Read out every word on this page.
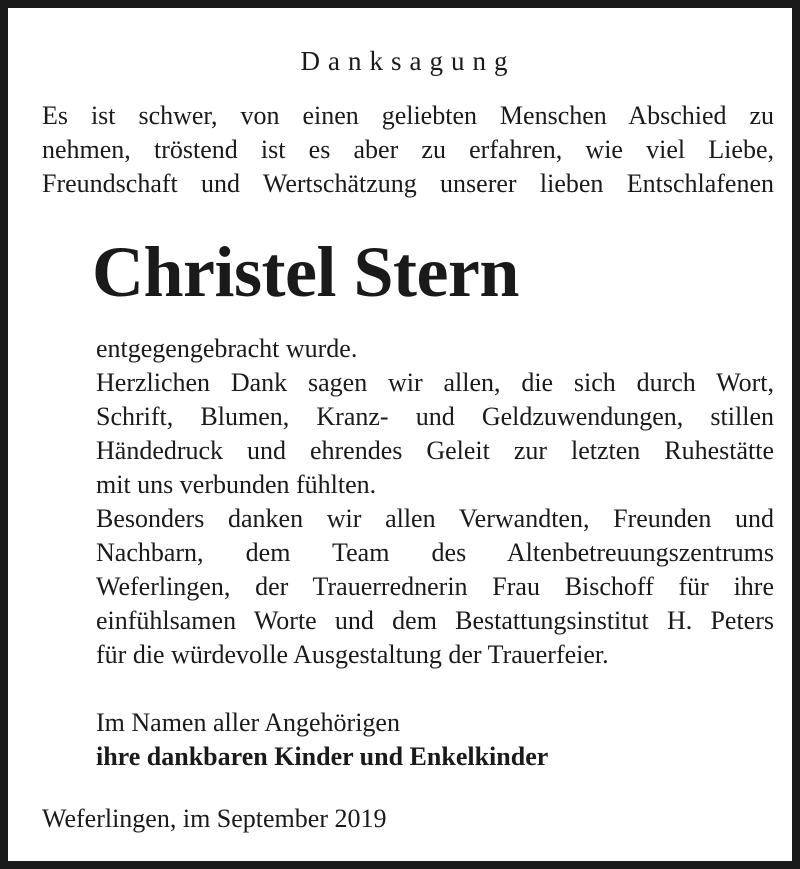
Danksagung
Es ist schwer, von einen geliebten Menschen Abschied zu
nehmen, tröstend ist es aber zu erfahren, wie viel Liebe,
Freundschaft und Wertschätzung unserer lieben Entschlafenen
Christel Stern
entgegengebracht wurde.
Herzlichen Dank sagen wir allen, die sich durch Wort,
Schrift, Blumen, Kranz- und Geldzuwendungen, stillen
Händedruck und ehrendes Geleit zur letzten Ruhestätte
mit uns verbunden fühlten.
Besonders danken wir allen Verwandten, Freunden und
Nachbarn, dem Team des Altenbetreuungszentrums
Weferlingen, der Trauerrednerin Frau Bischoff für ihre
einfühlsamen Worte und dem Bestattungsinstitut H. Peters
für die würdevolle Ausgestaltung der Trauerfeier.
Im Namen aller Angehörigen
ihre dankbaren Kinder und Enkelkinder
Weferlingen, im September 2019
